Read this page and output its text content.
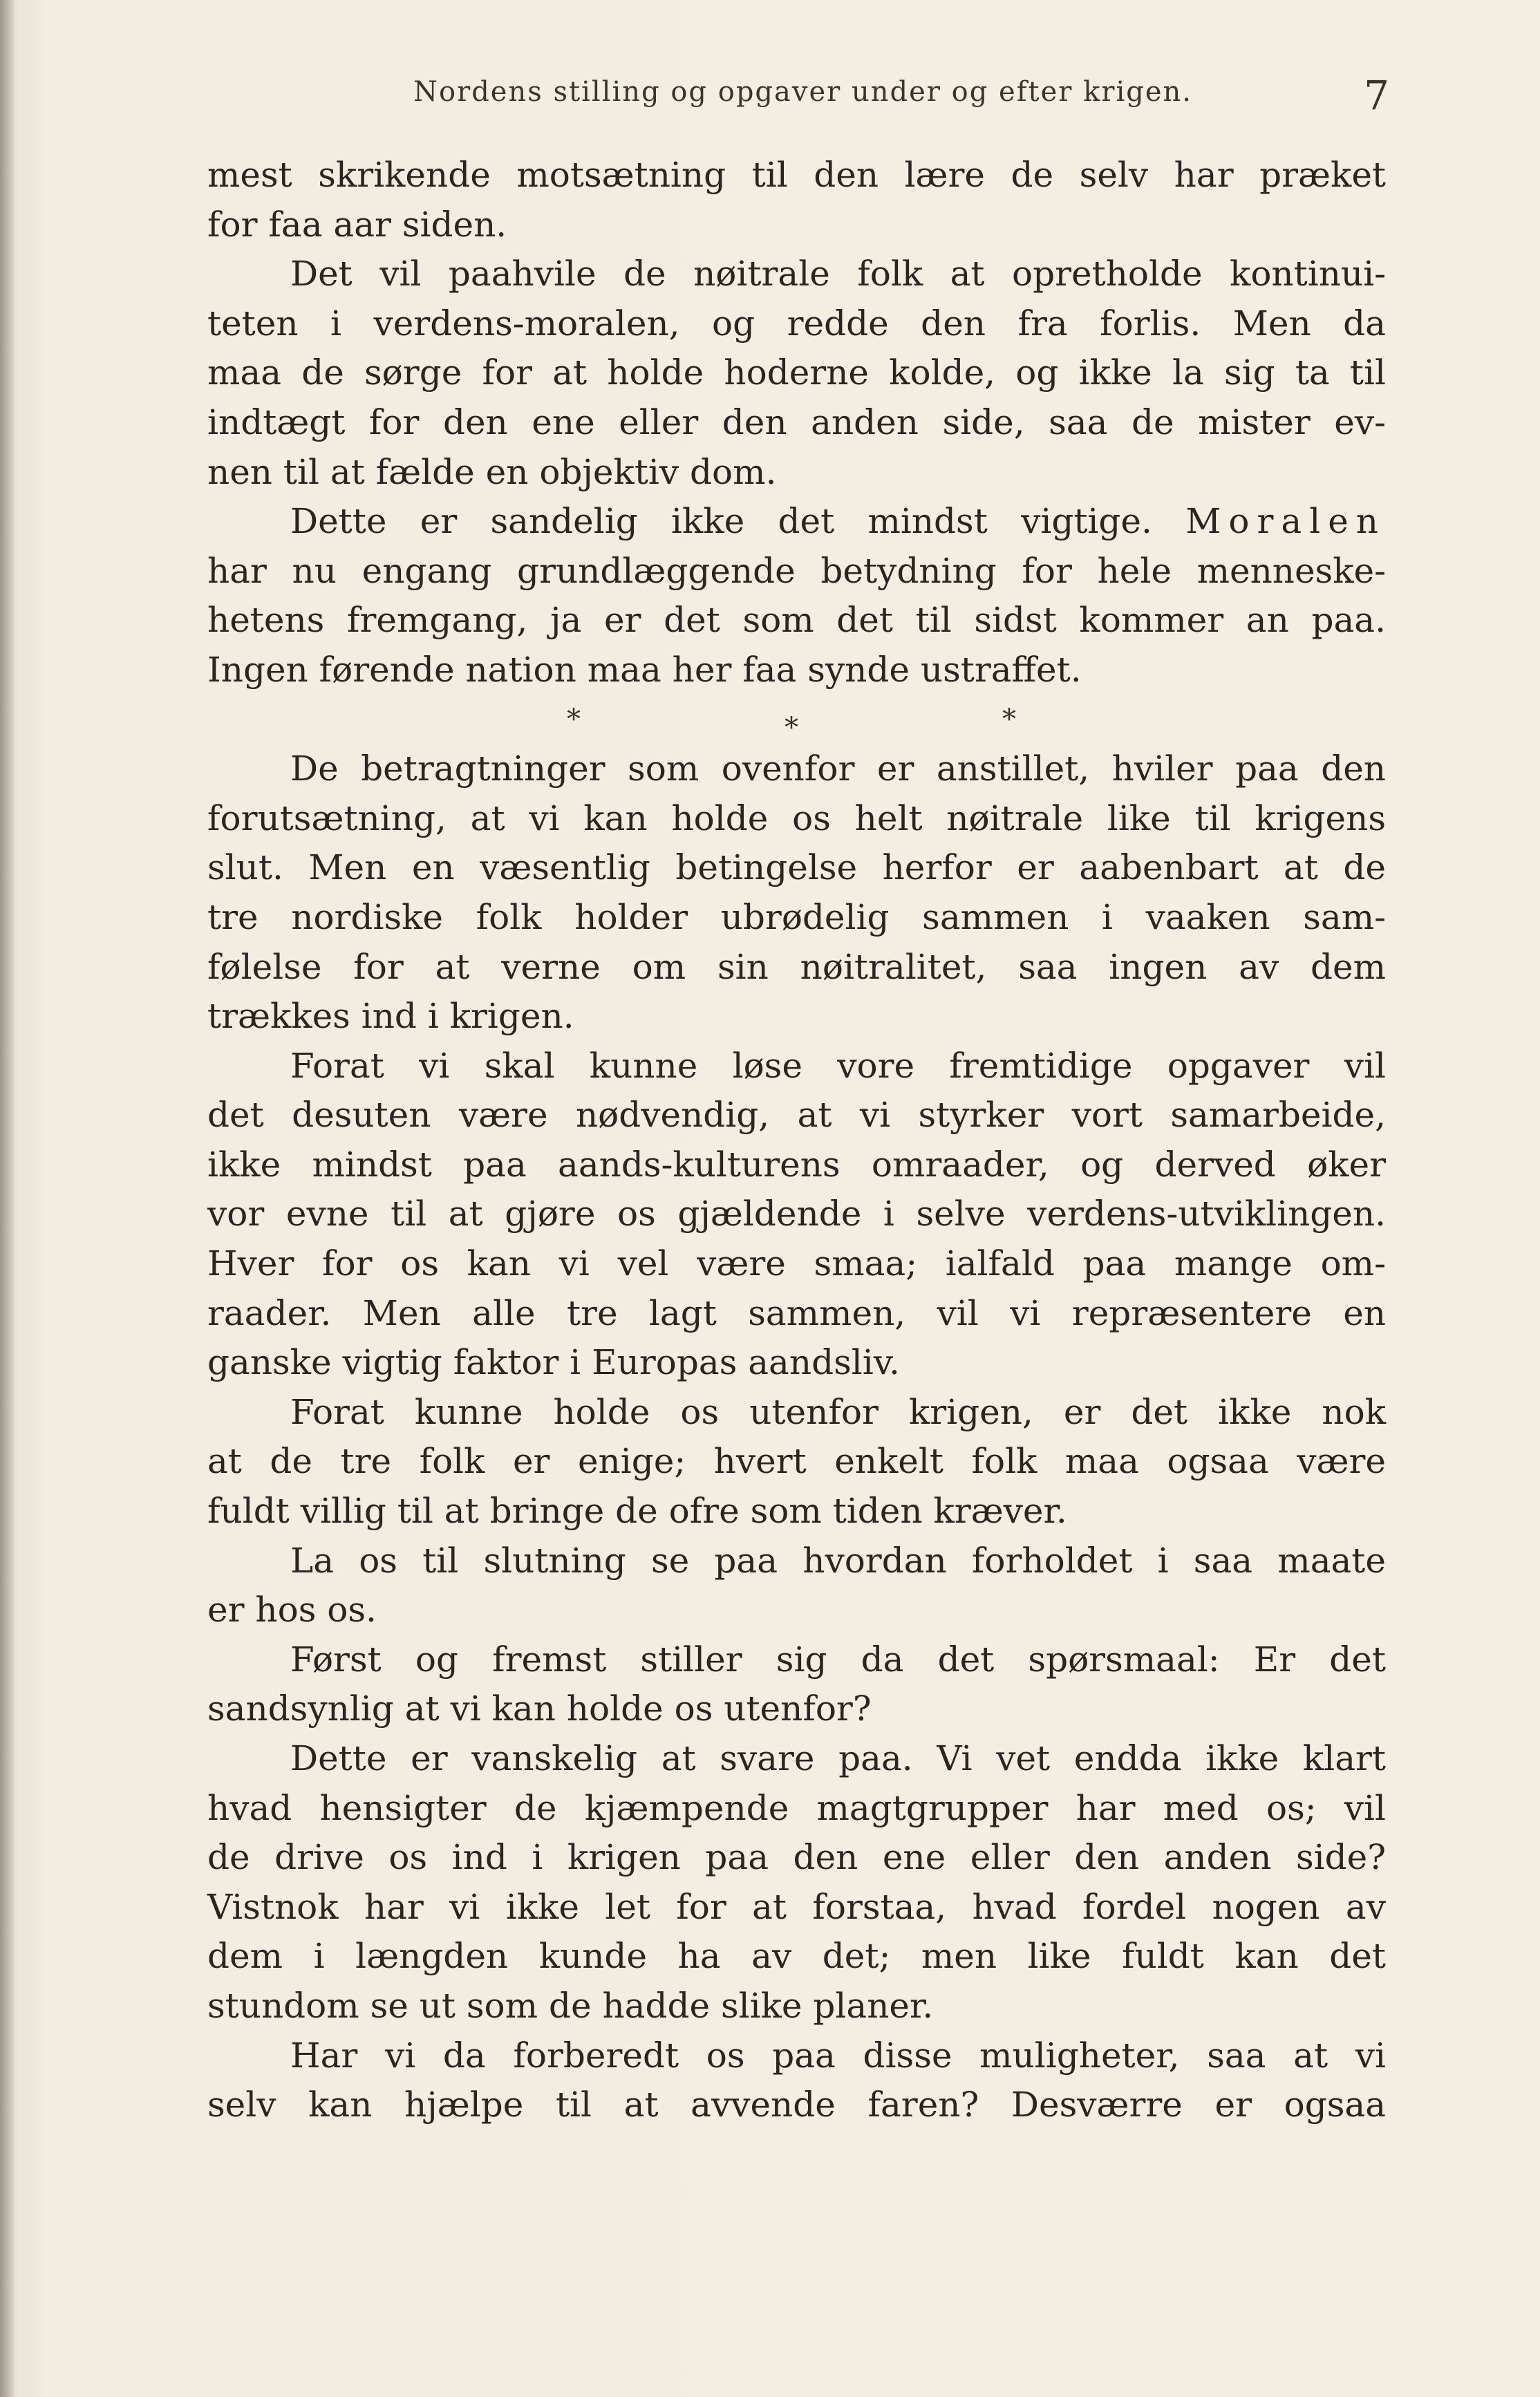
Nordens stilling og opgaver under og efter krigen.	7
mest skrikende motsætning til den lære de selv har præket
for faa aar siden.
Det vil paahvile de nøitrale folk at opretholde kontinui-
teten i verdens-moralen, og redde den fra forlis. Men da
maa de sørge for at holde hoderne kolde, og ikke la sig ta til
indtægt for den ene eller den anden side, saa de mister ev-
nen til at fælde en objektiv dom.
Dette er sandelig ikke det mindst vigtige. Moralen
har nu engang grundlæggende betydning for hele menneske-
hetens fremgang, ja er det som det til sidst kommer an paa.
Ingen førende nation maa her faa synde ustraffet.
*	*	*
De betragtninger som ovenfor er anstillet, hviler paa den
forutsætning, at vi kan holde os helt nøitrale like til krigens
slut. Men en væsentlig betingelse herfor er aabenbart at de
tre nordiske folk holder ubrødelig sammen i vaaken sam-
følelse for at verne om sin nøitralitet, saa ingen av dem
trækkes ind i krigen.
Forat vi skal kunne løse vore fremtidige opgaver vil
det desuten være nødvendig, at vi styrker vort samarbeide,
ikke mindst paa aands-kulturens omraader, og derved øker
vor evne til at gjøre os gjældende i selve verdens-utviklingen.
Hver for os kan vi vel være smaa; ialfald paa mange om-
raader. Men alle tre lagt sammen, vil vi repræsentere en
ganske vigtig faktor i Europas aandsliv.
Forat kunne holde os utenfor krigen, er det ikke nok
at de tre folk er enige; hvert enkelt folk maa ogsaa være
fuldt villig til at bringe de ofre som tiden kræver.
La os til slutning se paa hvordan forholdet i saa maate
er hos os.
Først og fremst stiller sig da det spørsmaal: Er det
sandsynlig at vi kan holde os utenfor?
Dette er vanskelig at svare paa. Vi vet endda ikke klart
hvad hensigter de kjæmpende magtgrupper har med os; vil
de drive os ind i krigen paa den ene eller den anden side?
Vistnok har vi ikke let for at forstaa, hvad fordel nogen av
dem i længden kunde ha av det; men like fuldt kan det
stundom se ut som de hadde slike planer.
Har vi da forberedt os paa disse muligheter, saa at vi
selv kan hjælpe til at avvende faren? Desværre er ogsaa
